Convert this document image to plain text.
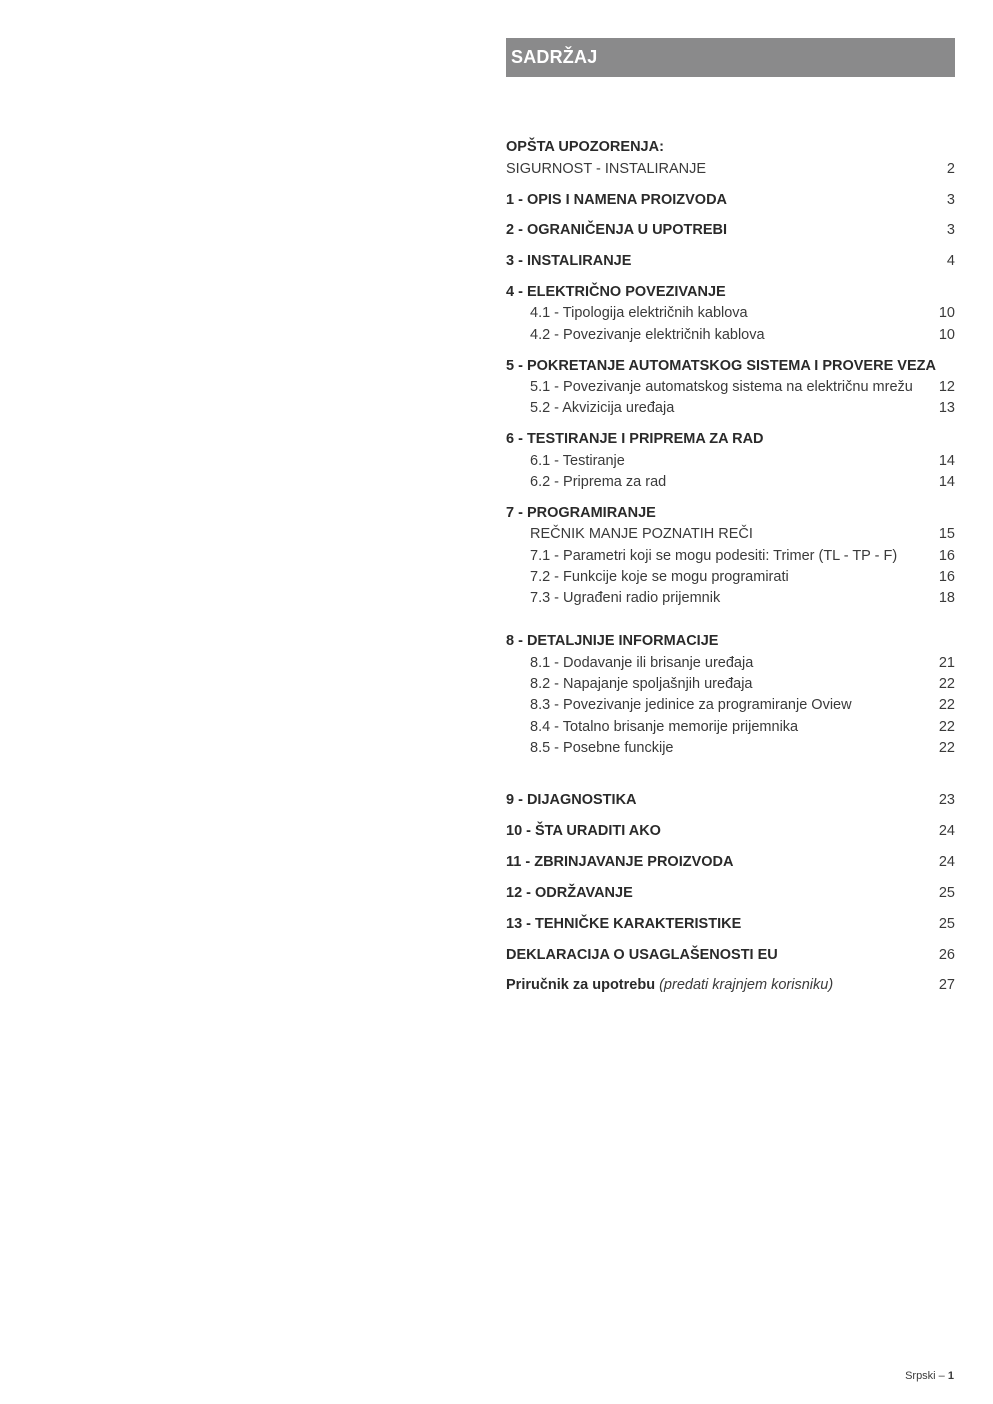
SADRŽAJ
OPŠTA UPOZORENJA:
SIGURNOST - INSTALIRANJE	2
1 - OPIS I NAMENA PROIZVODA	3
2 - OGRANIČENJA U UPOTREBI	3
3 - INSTALIRANJE	4
4 - ELEKTRIČNO POVEZIVANJE
4.1 - Tipologija električnih kablova	10
4.2 - Povezivanje električnih kablova	10
5 - POKRETANJE AUTOMATSKOG SISTEMA I PROVERE VEZA
5.1 - Povezivanje automatskog sistema na električnu mrežu	12
5.2 - Akvizicija uređaja	13
6 - TESTIRANJE I PRIPREMA ZA RAD
6.1 - Testiranje	14
6.2 - Priprema za rad	14
7 - PROGRAMIRANJE
REČNIK MANJE POZNATIH REČI	15
7.1 - Parametri koji se mogu podesiti: Trimer (TL - TP - F)	16
7.2 - Funkcije koje se mogu programirati	16
7.3 - Ugrađeni radio prijemnik	18
8 - DETALJNIJE INFORMACIJE
8.1 - Dodavanje ili brisanje uređaja	21
8.2 - Napajanje spoljašnjih uređaja	22
8.3 - Povezivanje jedinice za programiranje Oview	22
8.4 - Totalno brisanje memorije prijemnika	22
8.5 - Posebne funckije	22
9 - DIJAGNOSTIKA	23
10 - ŠTA URADITI AKO	24
11 - ZBRINJAVANJE PROIZVODA	24
12 - ODRŽAVANJE	25
13 - TEHNIČKE KARAKTERISTIKE	25
DEKLARACIJA O USAGLAŠENOSTI EU	26
Priručnik za upotrebu (predati krajnjem korisniku)	27
Srpski – 1
